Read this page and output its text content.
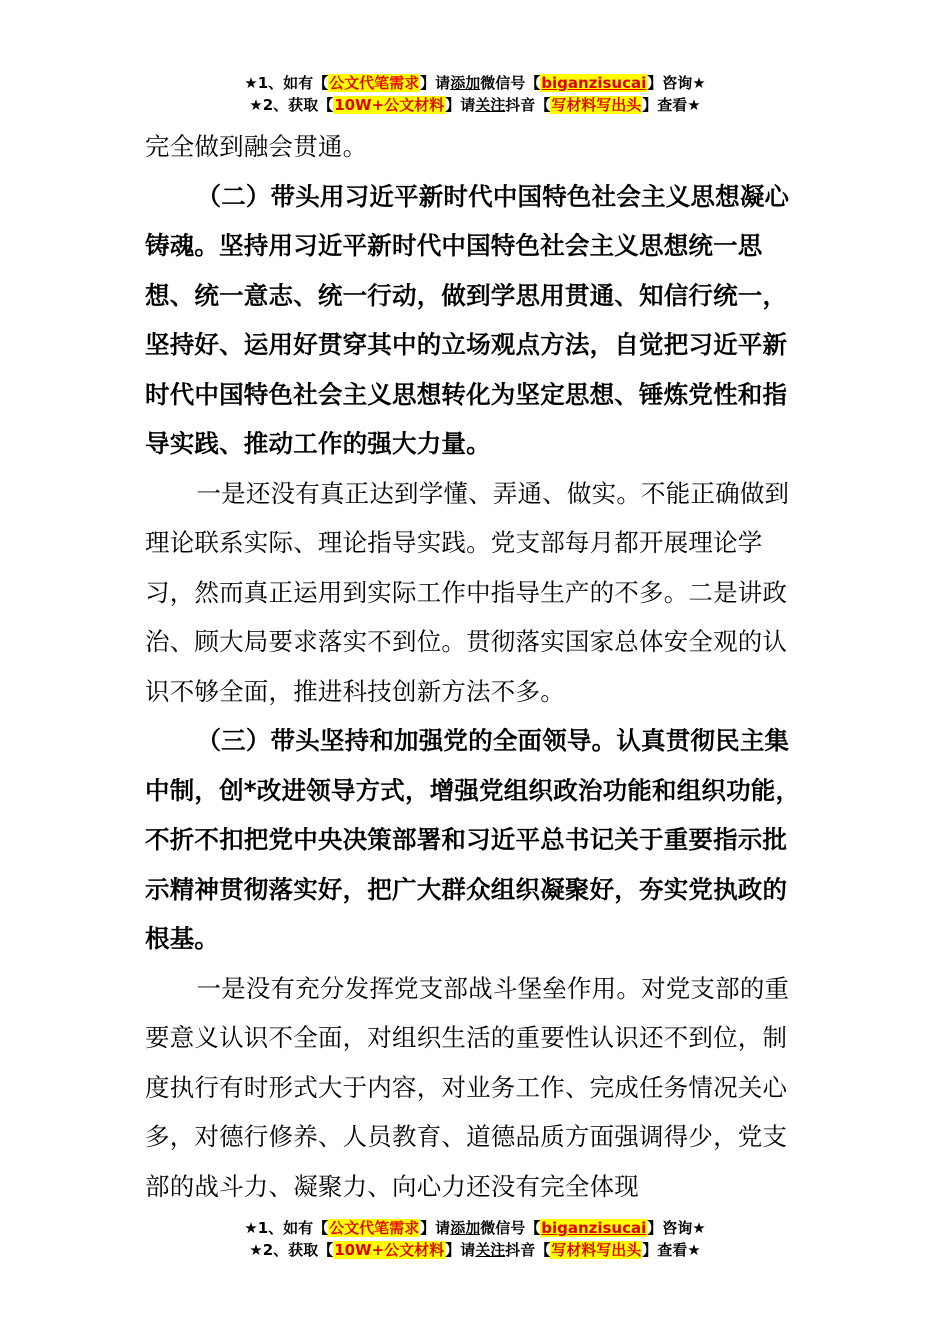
★1、如有【公文代笔需求】请添加微信号【biganzisucai】咨询★
★2、获取【10W+公文材料】请关注抖音【写材料写出头】查看★

完全做到融会贯通。

（二）带头用习近平新时代中国特色社会主义思想凝心铸魂。坚持用习近平新时代中国特色社会主义思想统一思想、统一意志、统一行动，做到学思用贯通、知信行统一，坚持好、运用好贯穿其中的立场观点方法，自觉把习近平新时代中国特色社会主义思想转化为坚定思想、锤炼党性和指导实践、推动工作的强大力量。

一是还没有真正达到学懂、弄通、做实。不能正确做到理论联系实际、理论指导实践。党支部每月都开展理论学习，然而真正运用到实际工作中指导生产的不多。二是讲政治、顾大局要求落实不到位。贯彻落实国家总体安全观的认识不够全面，推进科技创新方法不多。

（三）带头坚持和加强党的全面领导。认真贯彻民主集中制，创*改进领导方式，增强党组织政治功能和组织功能，不折不扣把党中央决策部署和习近平总书记关于重要指示批示精神贯彻落实好，把广大群众组织凝聚好，夯实党执政的根基。

一是没有充分发挥党支部战斗堡垒作用。对党支部的重要意义认识不全面，对组织生活的重要性认识还不到位，制度执行有时形式大于内容，对业务工作、完成任务情况关心多，对德行修养、人员教育、道德品质方面强调得少，党支部的战斗力、凝聚力、向心力还没有完全体现

★1、如有【公文代笔需求】请添加微信号【biganzisucai】咨询★
★2、获取【10W+公文材料】请关注抖音【写材料写出头】查看★
